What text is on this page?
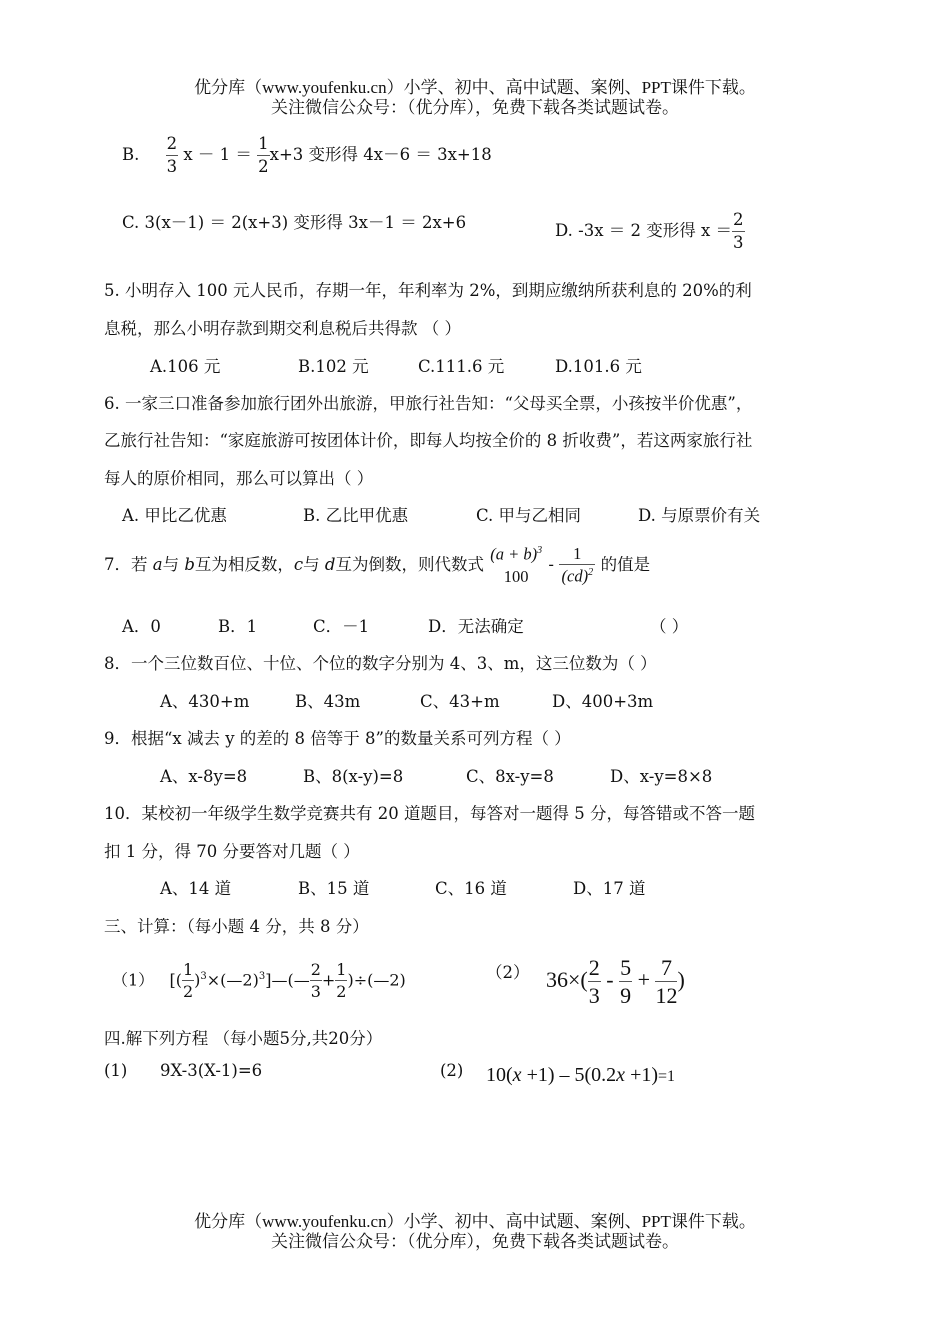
优分库（www.youfenku.cn）小学、初中、高中试题、案例、PPT课件下载。
关注微信公众号：（优分库），免费下载各类试题试卷。
B. $\frac{2}{3}$ $x - 1 = \frac{1}{2} x+3$ 变形得 4x－6 ＝ 3x+18
C. 3(x－1) ＝ 2(x+3) 变形得 3x－1 ＝ 2x+6	D. -3x ＝ 2 变形得 $x = \frac{2}{3}$
5. 小明存入 100 元人民币，存期一年，年利率为 2%，到期应缴纳所获利息的 20%的利
息税，那么小明存款到期交利息税后共得款 （ ）
A.106 元	B.102 元	C.111.6 元	D.101.6 元
6. 一家三口准备参加旅行团外出旅游，甲旅行社告知：“父母买全票，小孩按半价优惠”，
乙旅行社告知：“家庭旅游可按团体计价，即每人均按全价的 8 折收费”，若这两家旅行社
每人的原价相同，那么可以算出（ ）
A. 甲比乙优惠	B. 乙比甲优惠	C. 甲与乙相同	D. 与原票价有关
7．若 a与 b互为相反数，c与 d互为倒数，则代数式
$(a + b)^3$
100
- $\frac{1}{(cd)^2}$ 的值是
A．0	B．1	C．－1	D．无法确定	（ ）
8．一个三位数百位、十位、个位的数字分别为 4、3、m，这三位数为（ ）
A、430+m	B、43m	C、43+m	D、400+3m
9．根据“x 减去 y 的差的 8 倍等于 8”的数量关系可列方程（ ）
A、x-8y=8	B、8(x-y)=8	C、8x-y=8	D、x-y=8×8
10．某校初一年级学生数学竞赛共有 20 道题目，每答对一题得 5 分，每答错或不答一题
扣 1 分，得 70 分要答对几题（ ）
A、14 道	B、15 道	C、16 道	D、17 道
三、计算：（每小题 4 分，共 8 分）
（1） [( $\frac{1}{2}$ )$^3$×(—2)$^3$]—(— $\frac{2}{3} + \frac{1}{2}$ )÷(—2)	（2） $36\times( \frac{2}{3} - \frac{5}{9} + \frac{7}{12}$ )
四.解下列方程 （每小题5分,共20分）
(1) 9X-3(X-1)=6	(2) 10(x +1) – 5(0.2x +1)=1
优分库（www.youfenku.cn）小学、初中、高中试题、案例、PPT课件下载。
关注微信公众号：（优分库），免费下载各类试题试卷。
